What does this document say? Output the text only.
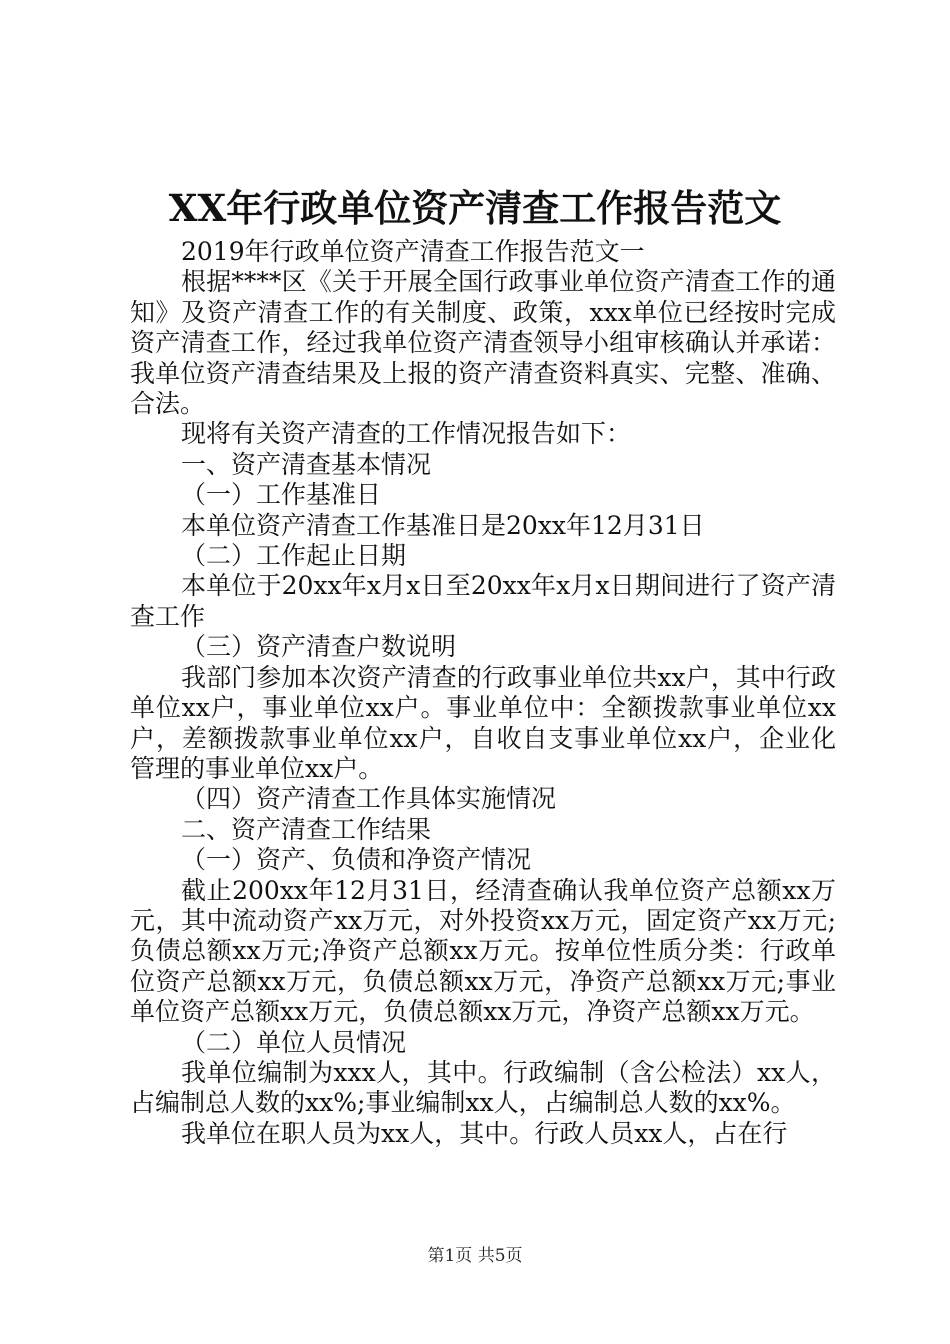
XX年行政单位资产清查工作报告范文

2019年行政单位资产清查工作报告范文一

根据****区《关于开展全国行政事业单位资产清查工作的通知》及资产清查工作的有关制度、政策，xxx单位已经按时完成资产清查工作，经过我单位资产清查领导小组审核确认并承诺：我单位资产清查结果及上报的资产清查资料真实、完整、准确、合法。

现将有关资产清查的工作情况报告如下：

一、资产清查基本情况

（一）工作基准日

本单位资产清查工作基准日是20xx年12月31日

（二）工作起止日期

本单位于20xx年x月x日至20xx年x月x日期间进行了资产清查工作

（三）资产清查户数说明

我部门参加本次资产清查的行政事业单位共xx户，其中行政单位xx户，事业单位xx户。事业单位中：全额拨款事业单位xx户，差额拨款事业单位xx户，自收自支事业单位xx户，企业化管理的事业单位xx户。

（四）资产清查工作具体实施情况

二、资产清查工作结果

（一）资产、负债和净资产情况

截止200xx年12月31日，经清查确认我单位资产总额xx万元，其中流动资产xx万元，对外投资xx万元，固定资产xx万元;负债总额xx万元;净资产总额xx万元。按单位性质分类：行政单位资产总额xx万元，负债总额xx万元，净资产总额xx万元;事业单位资产总额xx万元，负债总额xx万元，净资产总额xx万元。

（二）单位人员情况

我单位编制为xxx人，其中。行政编制（含公检法）xx人，占编制总人数的xx%;事业编制xx人，占编制总人数的xx%。

我单位在职人员为xx人，其中。行政人员xx人，占在行

第1页 共5页
